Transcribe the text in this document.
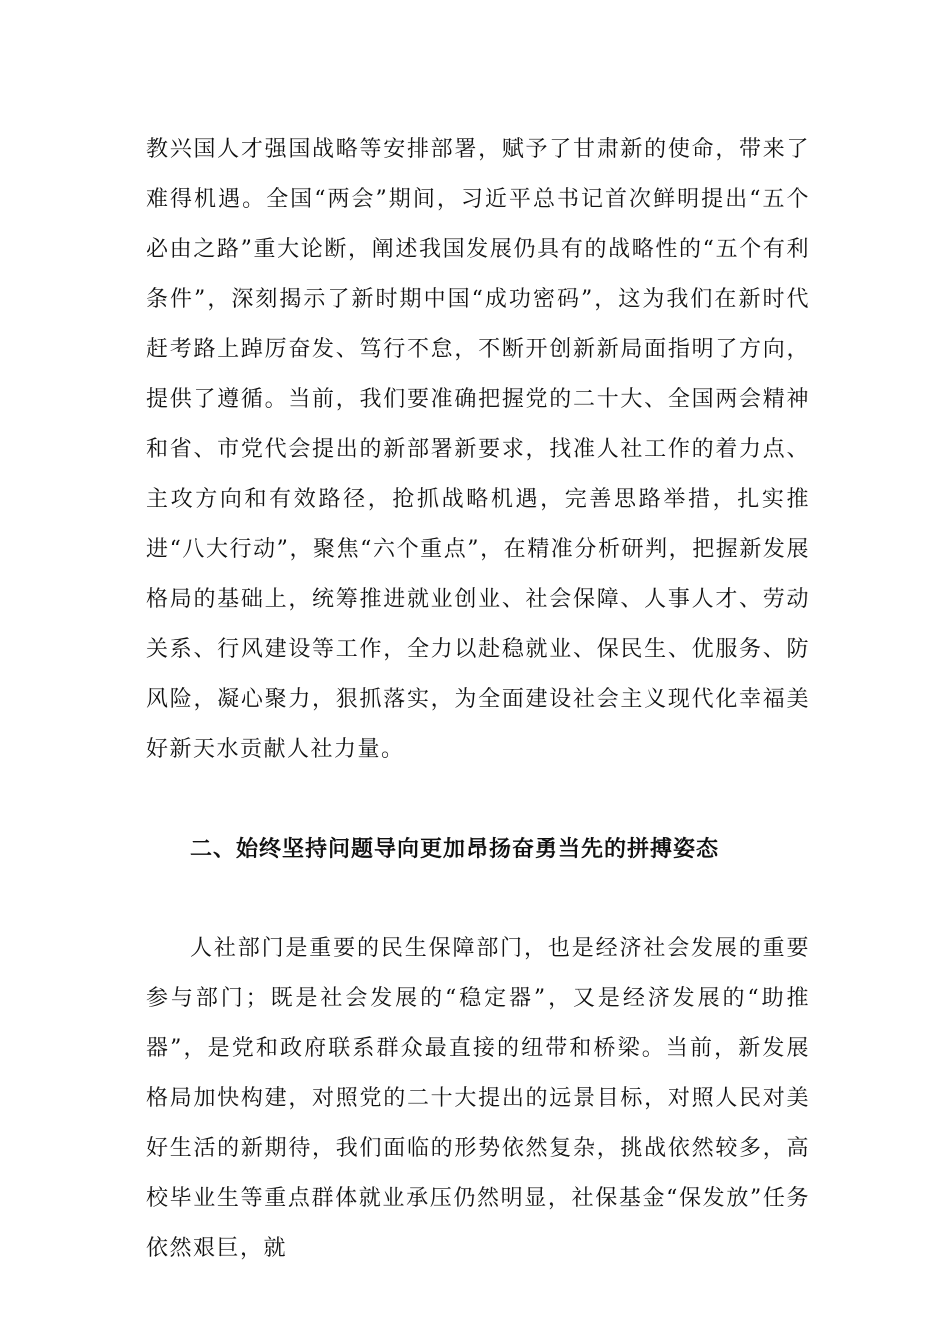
教兴国人才强国战略等安排部署，赋予了甘肃新的使命，带来了难得机遇。全国“两会”期间，习近平总书记首次鲜明提出“五个必由之路”重大论断，阐述我国发展仍具有的战略性的“五个有利条件”，深刻揭示了新时期中国“成功密码”，这为我们在新时代赶考路上踔厉奋发、笃行不怠，不断开创新新局面指明了方向，提供了遵循。当前，我们要准确把握党的二十大、全国两会精神和省、市党代会提出的新部署新要求，找准人社工作的着力点、主攻方向和有效路径，抢抓战略机遇，完善思路举措，扎实推进“八大行动”，聚焦“六个重点”，在精准分析研判，把握新发展格局的基础上，统筹推进就业创业、社会保障、人事人才、劳动关系、行风建设等工作，全力以赴稳就业、保民生、优服务、防风险，凝心聚力，狠抓落实，为全面建设社会主义现代化幸福美好新天水贡献人社力量。
二、始终坚持问题导向更加昂扬奋勇当先的拼搏姿态
人社部门是重要的民生保障部门，也是经济社会发展的重要参与部门；既是社会发展的“稳定器”，又是经济发展的“助推器”，是党和政府联系群众最直接的纽带和桥梁。当前，新发展格局加快构建，对照党的二十大提出的远景目标，对照人民对美好生活的新期待，我们面临的形势依然复杂，挑战依然较多，高校毕业生等重点群体就业承压仍然明显，社保基金“保发放”任务依然艰巨，就
